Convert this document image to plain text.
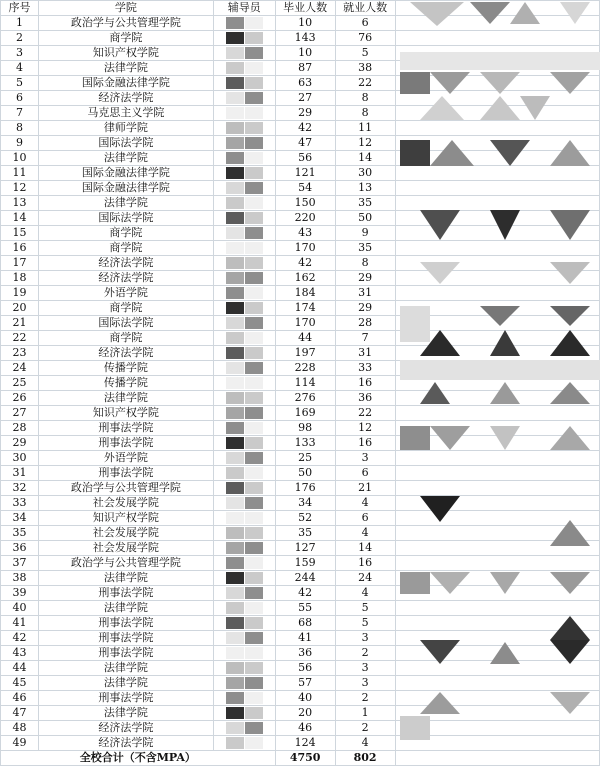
序号	学院	辅导员	毕业人数	就业人数	
1	政治学与公共管理学院		10	6	
2	商学院		143	76	
3	知识产权学院		10	5	
4	法律学院		87	38	
5	国际金融法律学院		63	22	
6	经济法学院		27	8	
7	马克思主义学院		29	8	
8	律师学院		42	11	
9	国际法学院		47	12	
10	法律学院		56	14	
11	国际金融法律学院		121	30	
12	国际金融法律学院		54	13	
13	法律学院		150	35	
14	国际法学院		220	50	
15	商学院		43	9	
16	商学院		170	35	
17	经济法学院		42	8	
18	经济法学院		162	29	
19	外语学院		184	31	
20	商学院		174	29	
21	国际法学院		170	28	
22	商学院		44	7	
23	经济法学院		197	31	
24	传播学院		228	33	
25	传播学院		114	16	
26	法律学院		276	36	
27	知识产权学院		169	22	
28	刑事法学院		98	12	
29	刑事法学院		133	16	
30	外语学院		25	3	
31	刑事法学院		50	6	
32	政治学与公共管理学院		176	21	
33	社会发展学院		34	4	
34	知识产权学院		52	6	
35	社会发展学院		35	4	
36	社会发展学院		127	14	
37	政治学与公共管理学院		159	16	
38	法律学院		244	24	
39	刑事法学院		42	4	
40	法律学院		55	5	
41	刑事法学院		68	5	
42	刑事法学院		41	3	
43	刑事法学院		36	2	
44	法律学院		56	3	
45	法律学院		57	3	
46	刑事法学院		40	2	
47	法律学院		20	1	
48	经济法学院		46	2	
49	经济法学院		124	4	
全校合计（不含MPA）			4750	802	
